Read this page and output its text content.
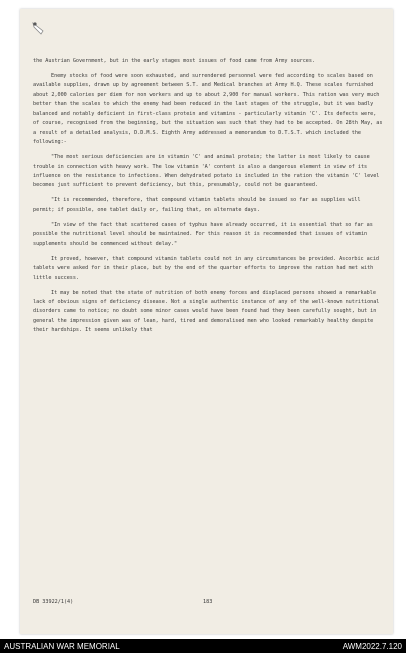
the Austrian Government, but in the early stages most issues of food came from Army sources.

Enemy stocks of food were soon exhausted, and surrendered personnel were fed according to scales based on available supplies, drawn up by agreement between S.T. and Medical branches at Army H.Q. These scales furnished about 2,000 calories per diem for non workers and up to about 2,900 for manual workers. This ration was very much better than the scales to which the enemy had been reduced in the last stages of the struggle, but it was badly balanced and notably deficient in first-class protein and vitamins - particularly vitamin 'C'. Its defects were, of course, recognised from the beginning, but the situation was such that they had to be accepted. On 28th May, as a result of a detailed analysis, D.D.M.S. Eighth Army addressed a memorandum to D.T.S.T. which included the following:-

"The most serious deficiencies are in vitamin 'C' and animal protein; the latter is most likely to cause trouble in connection with heavy work. The low vitamin 'A' content is also a dangerous element in view of its influence on the resistance to infections. When dehydrated potato is included in the ration the vitamin 'C' level becomes just sufficient to prevent deficiency, but this, presumably, could not be guaranteed.

"It is recommended, therefore, that compound vitamin tablets should be issued so far as supplies will permit; if possible, one tablet daily or, failing that, on alternate days.

"In view of the fact that scattered cases of typhus have already occurred, it is essential that so far as possible the nutritional level should be maintained. For this reason it is recommended that issues of vitamin supplements should be commenced without delay."

It proved, however, that compound vitamin tablets could not in any circumstances be provided. Ascorbic acid tablets were asked for in their place, but by the end of the quarter efforts to improve the ration had met with little success.

It may be noted that the state of nutrition of both enemy forces and displaced persons showed a remarkable lack of obvious signs of deficiency disease. Not a single authentic instance of any of the well-known nutritional disorders came to notice; no doubt some minor cases would have been found had they been carefully sought, but in general the impression given was of lean, hard, tired and demoralised men who looked remarkably healthy despite their hardships. It seems unlikely that

DB 33922/1(4)	183
AUSTRALIAN WAR MEMORIAL	AWM2022.7.120
